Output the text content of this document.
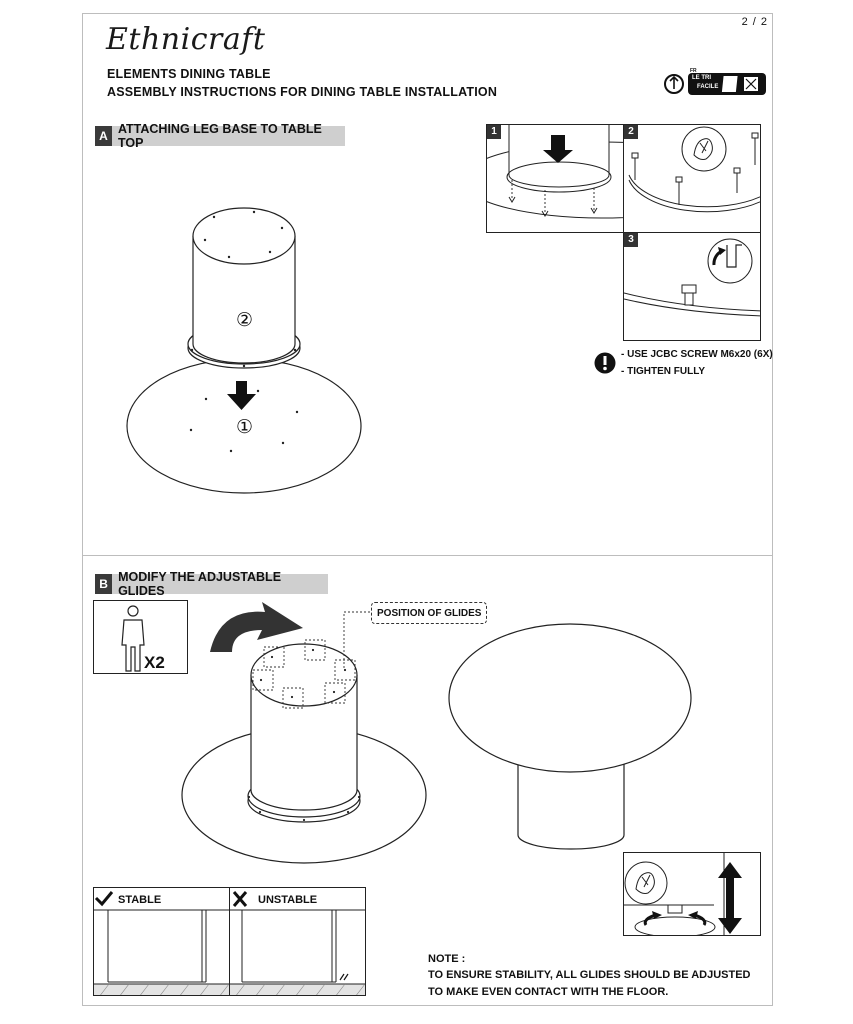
Ethnicraft	2 / 2
ELEMENTS DINING TABLE
ASSEMBLY INSTRUCTIONS FOR DINING TABLE INSTALLATION
LE TRI
FACILE
FR
A ATTACHING LEG BASE TO TABLE TOP
②
①
1	2
3
- USE JCBC SCREW M6x20 (6X)
- TIGHTEN FULLY
B MODIFY THE ADJUSTABLE GLIDES
X2
POSITION OF GLIDES
STABLE	UNSTABLE
NOTE :
TO ENSURE STABILITY, ALL GLIDES SHOULD BE ADJUSTED
TO MAKE EVEN CONTACT WITH THE FLOOR.
